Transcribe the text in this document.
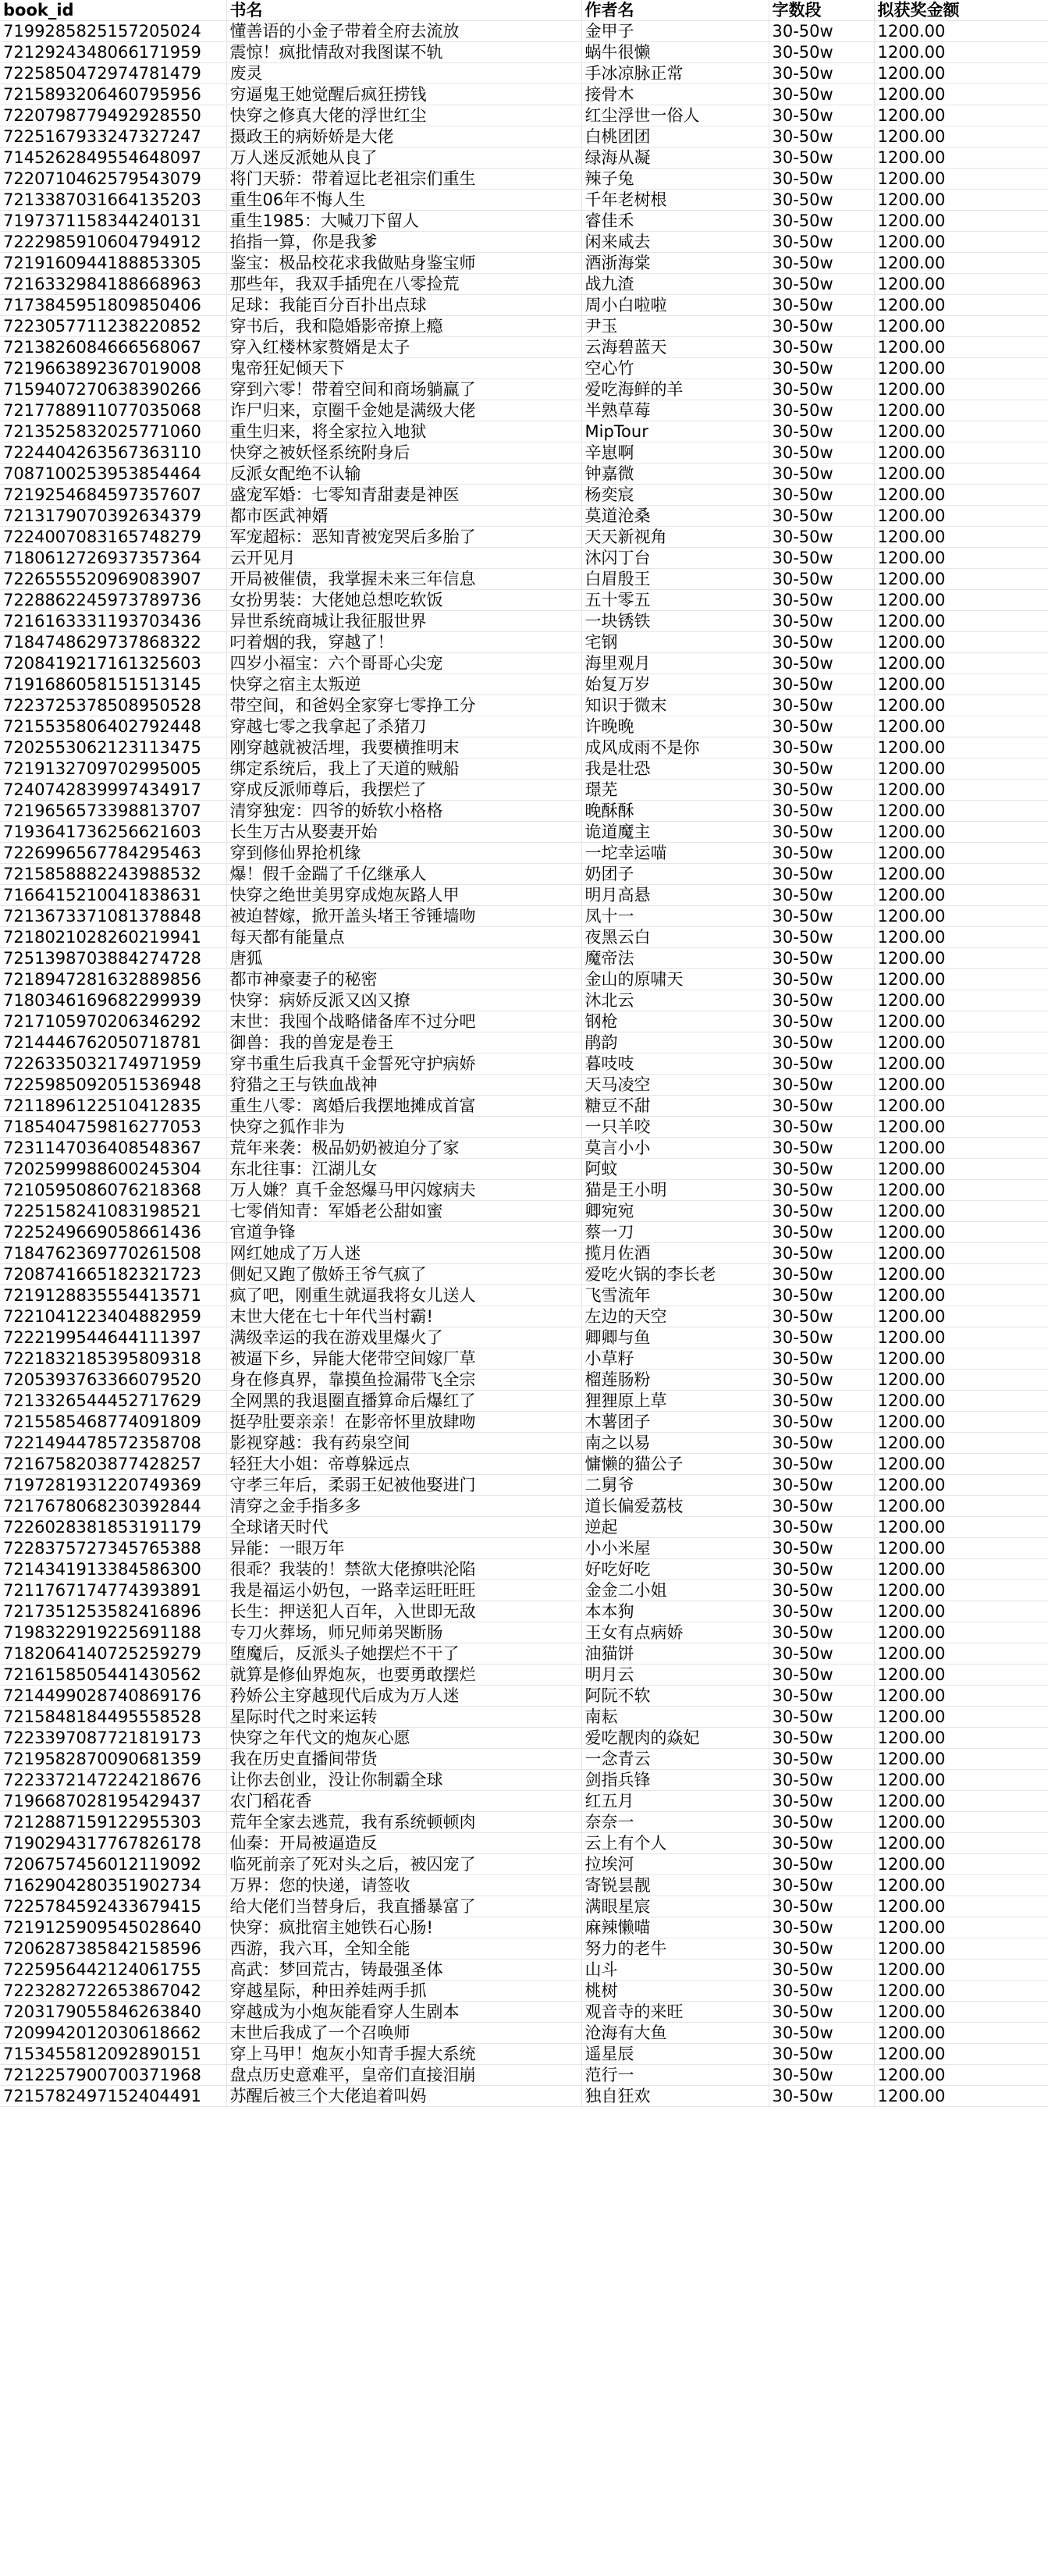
book_id	书名	作者名	字数段	拟获奖金额
7199285825157205024	懂善语的小金子带着全府去流放	金甲子	30-50w	1200.00
7212924348066171959	震惊！疯批情敌对我图谋不轨	蜗牛很懒	30-50w	1200.00
7225850472974781479	废灵	手冰凉脉正常	30-50w	1200.00
7215893206460795956	穷逼鬼王她觉醒后疯狂捞钱	接骨木	30-50w	1200.00
7220798779492928550	快穿之修真大佬的浮世红尘	红尘浮世一俗人	30-50w	1200.00
7225167933247327247	摄政王的病娇娇是大佬	白桃团团	30-50w	1200.00
7145262849554648097	万人迷反派她从良了	绿海从凝	30-50w	1200.00
7220710462579543079	将门天骄：带着逗比老祖宗们重生	辣子兔	30-50w	1200.00
7213387031664135203	重生06年不悔人生	千年老树根	30-50w	1200.00
7197371158344240131	重生1985：大喊刀下留人	睿佳禾	30-50w	1200.00
7222985910604794912	掐指一算，你是我爹	闲来咸去	30-50w	1200.00
7219160944188853305	鉴宝：极品校花求我做贴身鉴宝师	酒浙海棠	30-50w	1200.00
7216332984188668963	那些年，我双手插兜在八零捡荒	战九渣	30-50w	1200.00
7173845951809850406	足球：我能百分百扑出点球	周小白啦啦	30-50w	1200.00
7223057711238220852	穿书后，我和隐婚影帝撩上瘾	尹玉	30-50w	1200.00
7213826084666568067	穿入红楼林家赘婿是太子	云海碧蓝天	30-50w	1200.00
7219663892367019008	鬼帝狂妃倾天下	空心竹	30-50w	1200.00
7159407270638390266	穿到六零！带着空间和商场躺赢了	爱吃海鲜的羊	30-50w	1200.00
7217788911077035068	诈尸归来，京圈千金她是满级大佬	半熟草莓	30-50w	1200.00
7213525832025771060	重生归来，将全家拉入地狱	MipTour	30-50w	1200.00
7224404263567363110	快穿之被妖怪系统附身后	辛崽啊	30-50w	1200.00
7087100253953854464	反派女配绝不认输	钟嘉微	30-50w	1200.00
7219254684597357607	盛宠军婚：七零知青甜妻是神医	杨奕宸	30-50w	1200.00
7213179070392634379	都市医武神婿	莫道沧桑	30-50w	1200.00
7224007083165748279	军宠超标：恶知青被宠哭后多胎了	天天新视角	30-50w	1200.00
7180612726937357364	云开见月	沐闪丁台	30-50w	1200.00
7226555520969083907	开局被催债，我掌握未来三年信息	白眉殷王	30-50w	1200.00
7228862245973789736	女扮男装：大佬她总想吃软饭	五十零五	30-50w	1200.00
7216163331193703436	异世系统商城让我征服世界	一块锈铁	30-50w	1200.00
7184748629737868322	叼着烟的我，穿越了！	宅钢	30-50w	1200.00
7208419217161325603	四岁小福宝：六个哥哥心尖宠	海里观月	30-50w	1200.00
7191686058151513145	快穿之宿主太叛逆	始复万岁	30-50w	1200.00
7223725378508950528	带空间，和爸妈全家穿七零挣工分	知识于微末	30-50w	1200.00
7215535806402792448	穿越七零之我拿起了杀猪刀	许晚晚	30-50w	1200.00
7202553062123113475	刚穿越就被活埋，我要横推明末	成风成雨不是你	30-50w	1200.00
7219132709702995005	绑定系统后，我上了天道的贼船	我是壮恐	30-50w	1200.00
7240742839997434917	穿成反派师尊后，我摆烂了	璟芜	30-50w	1200.00
7219656573398813707	清穿独宠：四爷的娇软小格格	晚酥酥	30-50w	1200.00
7193641736256621603	长生万古从娶妻开始	诡道魔主	30-50w	1200.00
7226996567784295463	穿到修仙界抢机缘	一坨幸运喵	30-50w	1200.00
7215858882243988532	爆！假千金踹了千亿继承人	奶团子	30-50w	1200.00
7166415210041838631	快穿之绝世美男穿成炮灰路人甲	明月高悬	30-50w	1200.00
7213673371081378848	被迫替嫁，掀开盖头堵王爷锤墙吻	凤十一	30-50w	1200.00
7218021028260219941	每天都有能量点	夜黑云白	30-50w	1200.00
7251398703884274728	唐狐	魔帝法	30-50w	1200.00
7218947281632889856	都市神豪妻子的秘密	金山的原啸天	30-50w	1200.00
7180346169682299939	快穿：病娇反派又凶又撩	沐北云	30-50w	1200.00
7217105970206346292	末世：我囤个战略储备库不过分吧	钢枪	30-50w	1200.00
7214446762050718781	御兽：我的兽宠是卷王	鹃韵	30-50w	1200.00
7226335032174971959	穿书重生后我真千金誓死守护病娇	暮吱吱	30-50w	1200.00
7225985092051536948	狩猎之王与铁血战神	天马凌空	30-50w	1200.00
7211896122510412835	重生八零：离婚后我摆地摊成首富	糖豆不甜	30-50w	1200.00
7185404759816277053	快穿之狐作非为	一只羊咬	30-50w	1200.00
7231147036408548367	荒年来袭：极品奶奶被迫分了家	莫言小小	30-50w	1200.00
7202599988600245304	东北往事：江湖儿女	阿蚊	30-50w	1200.00
7210595086076218368	万人嫌？真千金怒爆马甲闪嫁病夫	猫是王小明	30-50w	1200.00
7225158241083198521	七零俏知青：军婚老公甜如蜜	卿宛宛	30-50w	1200.00
7225249669058661436	官道争锋	蔡一刀	30-50w	1200.00
7184762369770261508	网红她成了万人迷	揽月佐酒	30-50w	1200.00
7208741665182321723	側妃又跑了傲娇王爷气疯了	爱吃火锅的李长老	30-50w	1200.00
7219128835554413571	疯了吧，刚重生就逼我将女儿送人	飞雪流年	30-50w	1200.00
7221041223404882959	末世大佬在七十年代当村霸!	左边的天空	30-50w	1200.00
7222199544644111397	满级幸运的我在游戏里爆火了	卿卿与鱼	30-50w	1200.00
7221832185395809318	被逼下乡，异能大佬带空间嫁厂草	小草籽	30-50w	1200.00
7205393763366079520	身在修真界，靠摸鱼捡漏带飞全宗	榴莲肠粉	30-50w	1200.00
7213326544452717629	全网黑的我退圈直播算命后爆红了	狸狸原上草	30-50w	1200.00
7215585468774091809	挺孕肚要亲亲！在影帝怀里放肆吻	木薯团子	30-50w	1200.00
7221494478572358708	影视穿越：我有药泉空间	南之以易	30-50w	1200.00
7216758203877428257	轻狂大小姐：帝尊躲远点	慵懒的猫公子	30-50w	1200.00
7197281931220749369	守孝三年后，柔弱王妃被他娶进门	二舅爷	30-50w	1200.00
7217678068230392844	清穿之金手指多多	道长偏爱荔枝	30-50w	1200.00
7226028381853191179	全球诸天时代	逆起	30-50w	1200.00
7228375727345765388	异能：一眼万年	小小米屋	30-50w	1200.00
7214341913384586300	很乖？我装的！禁欲大佬撩哄沦陷	好吃好吃	30-50w	1200.00
7211767174774393891	我是福运小奶包，一路幸运旺旺旺	金金二小姐	30-50w	1200.00
7217351253582416896	长生：押送犯人百年，入世即无敌	本本狗	30-50w	1200.00
7198322919225691188	专刀火葬场，师兄师弟哭断肠	王女有点病娇	30-50w	1200.00
7182064140725259279	堕魔后，反派头子她摆烂不干了	油猫饼	30-50w	1200.00
7216158505441430562	就算是修仙界炮灰，也要勇敢摆烂	明月云	30-50w	1200.00
7214499028740869176	矜娇公主穿越现代后成为万人迷	阿阮不软	30-50w	1200.00
7215848184495558528	星际时代之时来运转	南耘	30-50w	1200.00
7223397087721819173	快穿之年代文的炮灰心愿	爱吃靓肉的焱妃	30-50w	1200.00
7219582870090681359	我在历史直播间带货	一念青云	30-50w	1200.00
7223372147224218676	让你去创业，没让你制霸全球	剑指兵锋	30-50w	1200.00
7196687028195429437	农门稻花香	红五月	30-50w	1200.00
7212887159122955303	荒年全家去逃荒，我有系统顿顿肉	奈奈一	30-50w	1200.00
7190294317767826178	仙秦：开局被逼造反	云上有个人	30-50w	1200.00
7206757456012119092	临死前亲了死对头之后，被囚宠了	拉埃河	30-50w	1200.00
7162904280351902734	万界：您的快递，请签收	寄锐昙靓	30-50w	1200.00
7225784592433679415	给大佬们当替身后，我直播暴富了	满眼星宸	30-50w	1200.00
7219125909545028640	快穿：疯批宿主她铁石心肠!	麻辣懒喵	30-50w	1200.00
7206287385842158596	西游，我六耳，全知全能	努力的老牛	30-50w	1200.00
7225956442124061755	高武：梦回荒古，铸最强圣体	山斗	30-50w	1200.00
7223282722653867042	穿越星际，种田养娃两手抓	桃树	30-50w	1200.00
7203179055846263840	穿越成为小炮灰能看穿人生剧本	观音寺的来旺	30-50w	1200.00
7209942012030618662	末世后我成了一个召唤师	沧海有大鱼	30-50w	1200.00
7153455812092890151	穿上马甲！炮灰小知青手握大系统	遥星辰	30-50w	1200.00
7212257900700371968	盘点历史意难平，皇帝们直接泪崩	范行一	30-50w	1200.00
7215782497152404491	苏醒后被三个大佬追着叫妈	独自狂欢	30-50w	1200.00
